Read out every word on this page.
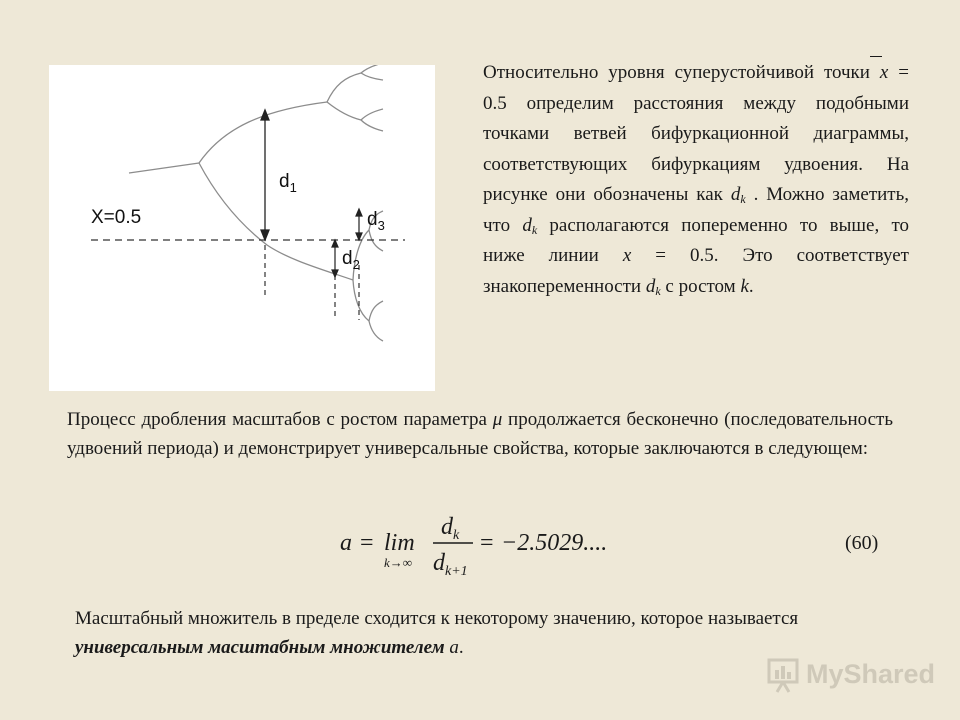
X=0.5
$d_1$
$d_2$
$d_3$
Относительно уровня суперустойчивой точки x = 0.5 определим расстояния между подобными точками ветвей бифуркационной диаграммы, соответствующих бифуркациям удвоения. На рисунке они обозначены как $d_k$ . Можно заметить, что $d_k$ располагаются попеременно то выше, то ниже линии x = 0.5. Это соответствует знакопеременности $d_k$ с ростом k.
Процесс дробления масштабов с ростом параметра μ продолжается бесконечно (последовательность удвоений периода) и демонстрирует универсальные свойства, которые заключаются в следующем:
a = lim
k→∞
$d_k$
$d_{k+1}$
= −2.5029....	(60)
Масштабный множитель в пределе сходится к некоторому значению, которое называется универсальным масштабным множителем a.
MyShared
